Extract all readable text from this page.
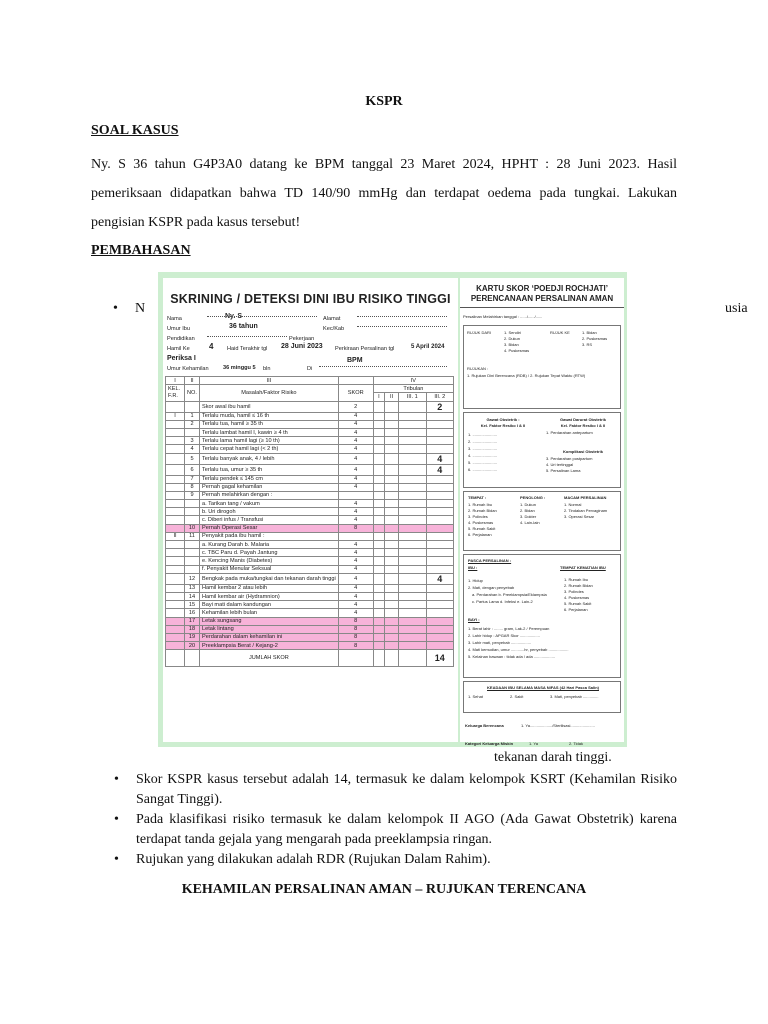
KSPR
SOAL KASUS
Ny. S 36 tahun G4P3A0 datang ke BPM tanggal 23 Maret 2024, HPHT : 28 Juni 2023. Hasil
pemeriksaan didapatkan bahwa TD 140/90 mmHg dan terdapat oedema pada tungkai. Lakukan
pengisian KSPR pada kasus tersebut!
PEMBAHASAN
• N	usia
tekanan darah tinggi.
SKRINING / DETEKSI DINI IBU RISIKO TINGGI
Nama	Ny. S	Alamat
Umur Ibu	36 tahun	Kec/Kab
Pendidikan	Pekerjaan
Hamil Ke 4 Haid Terakhir tgl 28 Juni 2023 Perkiraan Persalinan tgl	5 April 2024
Periksa I	BPM
Umur Kehamilan	36 minggu 5 bln	Di
I	II	III		IV			
KEL. F.R.	NO.	Masalah/Faktor Risiko	SKOR	Tribulan			
				I	II	III. 1	III. 2
		Skor awal ibu hamil	2				2
I	1	Terlalu muda, hamil ≤ 16 th	4				
	2	Terlalu tua, hamil ≥ 35 th	4				
		Terlalu lambat hamil I, kawin ≥ 4 th	4				
	3	Terlalu lama hamil lagi (≥ 10 th)	4				
	4	Terlalu cepat hamil lagi (< 2 th)	4				
	5	Terlalu banyak anak, 4 / lebih	4				4
	6	Terlalu tua, umur ≥ 35 th	4				4
	7	Terlalu pendek ≤ 145 cm	4				
	8	Pernah gagal kehamilan	4				
	9	Pernah melahirkan dengan :					
		a. Tarikan tang / vakum	4				
		b. Uri dirogoh	4				
		c. Diberi infus / Transfusi	4				
	10	Pernah Operasi Sesar	8				
II	11	Penyakit pada ibu hamil :					
		a. Kurang Darah b. Malaria	4				
		c. TBC Paru d. Payah Jantung	4				
		e. Kencing Manis (Diabetes)	4				
		f. Penyakit Menular Seksual	4				
	12	Bengkak pada muka/tungkai dan tekanan darah tinggi	4				4
	13	Hamil kembar 2 atau lebih	4				
	14	Hamil kembar air (Hydramnion)	4				
	15	Bayi mati dalam kandungan	4				
	16	Kehamilan lebih bulan	4				
	17	Letak sungsang	8				
	18	Letak lintang	8				
	19	Perdarahan dalam kehamilan ini	8				
	20	Preeklampsia Berat / Kejang-2	8				
		JUMLAH SKOR					14
KARTU SKOR ‘POEDJI ROCHJATI’
PERENCANAAN PERSALINAN AMAN
Persalinan Melahirkan tanggal : ....../....../......
RUJUK DARI	1. Sendiri
2. Dukun
3. Bidan
4. Puskesmas
RUJUK KE	1. Bidan
2. Puskesmas
3. RS
RUJUKAN :
1. Rujukan Dini Berencana (RDB) / 2. Rujukan Tepat Waktu (RTW)
Gawat Obstetrik :
Kel. Faktor Resiko I & II
1. ......................
2. ......................
3. ......................
4. ......................
5. ......................
6. ......................
Gawat Darurat Obstetrik
Kel. Faktor Resiko I & II
1. Perdarahan antepartum
Komplikasi Obstetrik
3. Perdarahan postpartum
4. Uri tertinggal
5. Persalinan Lama
TEMPAT :
1. Rumah Ibu
2. Rumah Bidan
3. Polindes
4. Puskesmas
5. Rumah Sakit
6. Perjalanan
PENOLONG :
1. Dukun
2. Bidan
3. Dokter
4. Lain-lain
MACAM PERSALINAN
1. Normal
2. Tindakan Pervaginam
3. Operasi Sesar
PASCA PERSALINAN :
IBU :	TEMPAT KEMATIAN IBU
1. Hidup
2. Mati, dengan penyebab
a. Perdarahan b. Preeklampsia/Eklampsia
c. Partus Lama d. Infeksi e. Lain-2
1. Rumah Ibu
2. Rumah Bidan
3. Polindes
4. Puskesmas
5. Rumah Sakit
6. Perjalanan
BAYI :
1. Berat lahir : ........ gram, Lak-2 / Perempuan
2. Lahir hidup : APGAR Skor ..................
3. Lahir mati, penyebab ..................
4. Mati kemudian, umur ............hr, penyebab ..................
5. Kelainan bawaan : tidak ada / ada ...................
KEADAAN IBU SELAMA MASA NIFAS (42 Hari Pasca Salin)
1. Sehat	2. Sakit	3. Mati, penyebab ..............
Keluarga Berencana	1. Ya..................../Sterilisasi......................
Kategori Keluarga Miskin	1. Ya	2. Tidak
• Skor KSPR kasus tersebut adalah 14, termasuk ke dalam kelompok KSRT (Kehamilan Risiko Sangat Tinggi).
• Pada klasifikasi risiko termasuk ke dalam kelompok II AGO (Ada Gawat Obstetrik) karena terdapat tanda gejala yang mengarah pada preeklampsia ringan.
• Rujukan yang dilakukan adalah RDR (Rujukan Dalam Rahim).
KEHAMILAN PERSALINAN AMAN – RUJUKAN TERENCANA
